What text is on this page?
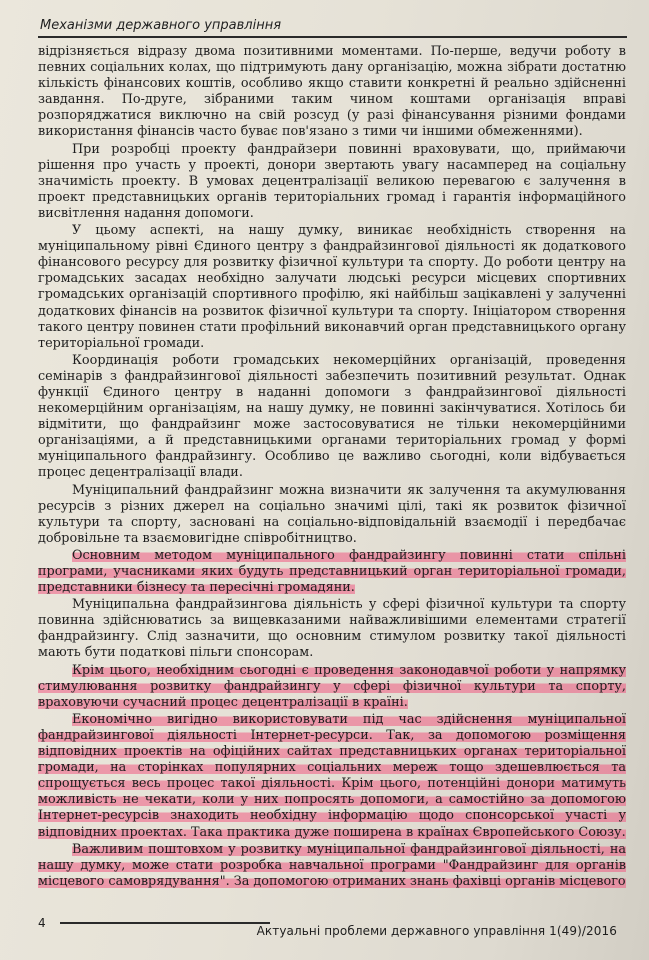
Механізми державного управління

відрізняється відразу двома позитивними моментами. По-перше, ведучи роботу в певних соціальних колах, що підтримують дану організацію, можна зібрати достатню кількість фінансових коштів, особливо якщо ставити конкретні й реально здійсненні завдання. По-друге, зібраними таким чином коштами організація вправі розпоряджатися виключно на свій розсуд (у разі фінансування різними фондами використання фінансів часто буває пов'язано з тими чи іншими обмеженнями).

При розробці проекту фандрайзери повинні враховувати, що, приймаючи рішення про участь у проекті, донори звертають увагу насамперед на соціальну значимість проекту. В умовах децентралізації великою перевагою є залучення в проект представницьких органів територіальних громад і гарантія інформаційного висвітлення надання допомоги.

У цьому аспекті, на нашу думку, виникає необхідність створення на муніципальному рівні Єдиного центру з фандрайзингової діяльності як додаткового фінансового ресурсу для розвитку фізичної культури та спорту. До роботи центру на громадських засадах необхідно залучати людські ресурси місцевих спортивних громадських організацій спортивного профілю, які найбільш зацікавлені у залученні додаткових фінансів на розвиток фізичної культури та спорту. Ініціатором створення такого центру повинен стати профільний виконавчий орган представницького органу територіальної громади.

Координація роботи громадських некомерційних організацій, проведення семінарів з фандрайзингової діяльності забезпечить позитивний результат. Однак функції Єдиного центру в наданні допомоги з фандрайзингової діяльності некомерційним організаціям, на нашу думку, не повинні закінчуватися. Хотілось би відмітити, що фандрайзинг може застосовуватися не тільки некомерційними організаціями, а й представницькими органами територіальних громад у формі муніципального фандрайзингу. Особливо це важливо сьогодні, коли відбувається процес децентралізації влади.

Муніципальний фандрайзинг можна визначити як залучення та акумулювання ресурсів з різних джерел на соціально значимі цілі, такі як розвиток фізичної культури та спорту, засновані на соціально-відповідальній взаємодії і передбачає добровільне та взаємовигідне співробітництво.

Основним методом муніципального фандрайзингу повинні стати спільні програми, учасниками яких будуть представницький орган територіальної громади, представники бізнесу та пересічні громадяни.

Муніципальна фандрайзингова діяльність у сфері фізичної культури та спорту повинна здійснюватись за вищевказаними найважливішими елементами стратегії фандрайзингу. Слід зазначити, що основним стимулом розвитку такої діяльності мають бути податкові пільги спонсорам.

Крім цього, необхідним сьогодні є проведення законодавчої роботи у напрямку стимулювання розвитку фандрайзингу у сфері фізичної культури та спорту, враховуючи сучасний процес децентралізації в країні.

Економічно вигідно використовувати під час здійснення муніципальної фандрайзингової діяльності Інтернет-ресурси. Так, за допомогою розміщення відповідних проектів на офіційних сайтах представницьких органах територіальної громади, на сторінках популярних соціальних мереж тощо здешевлюється та спрощується весь процес такої діяльності. Крім цього, потенційні донори матимуть можливість не чекати, коли у них попросять допомоги, а самостійно за допомогою Інтернет-ресурсів знаходить необхідну інформацію щодо спонсорської участі у відповідних проектах. Така практика дуже поширена в країнах Європейського Союзу.

Важливим поштовхом у розвитку муніципальної фандрайзингової діяльності, на нашу думку, може стати розробка навчальної програми "Фандрайзинг для органів місцевого самоврядування". За допомогою отриманих знань фахівці органів місцевого

4
Актуальні проблеми державного управління 1(49)/2016
